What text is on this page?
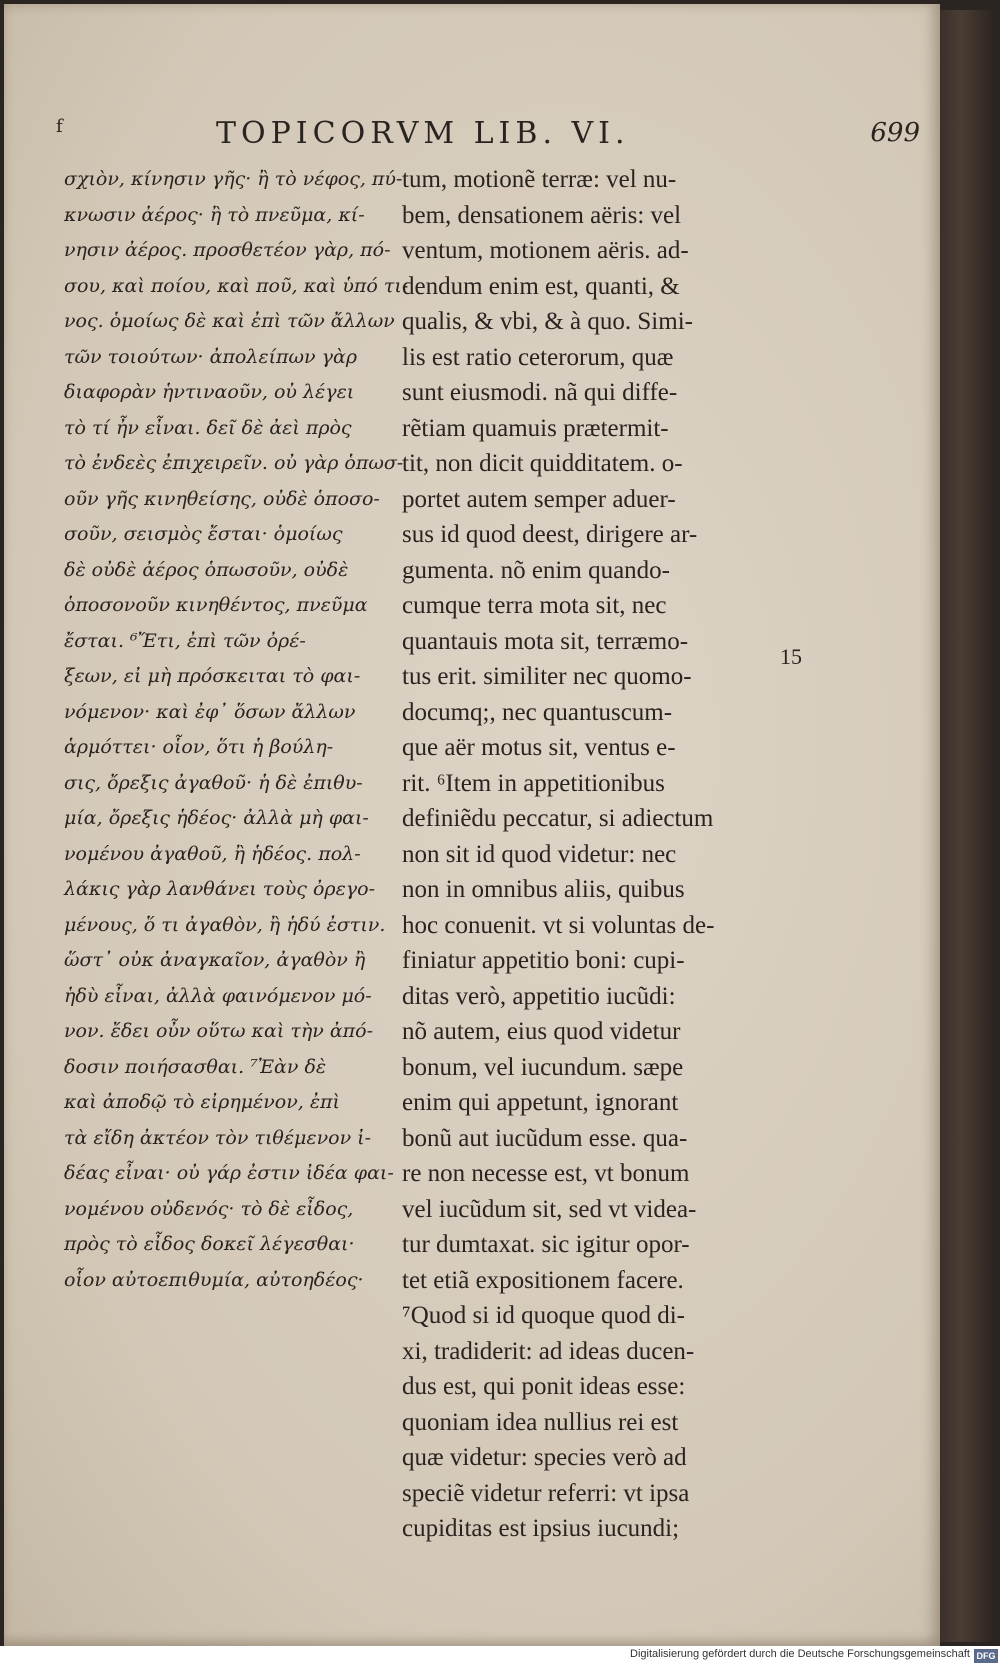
f	TOPICORVM LIB. VI.	699
σχιὸν, κίνησιν γῆς· ἢ τὸ νέφος, πύ-
κνωσιν ἀέρος· ἢ τὸ πνεῦμα, κί-
νησιν ἀέρος. προσθετέον γὰρ, πό-
σου, καὶ ποίου, καὶ ποῦ, καὶ ὑπό τι-
νος. ὁμοίως δὲ καὶ ἐπὶ τῶν ἄλλων
τῶν τοιούτων· ἀπολείπων γὰρ
διαφορὰν ἡντιναοῦν, οὐ λέγει
τὸ τί ἦν εἶναι. δεῖ δὲ ἀεὶ πρὸς
τὸ ἐνδεὲς ἐπιχειρεῖν. οὐ γὰρ ὁπωσ-
οῦν γῆς κινηθείσης, οὐδὲ ὁποσο-
σοῦν, σεισμὸς ἔσται· ὁμοίως
δὲ οὐδὲ ἀέρος ὁπωσοῦν, οὐδὲ
ὁποσονοῦν κινηθέντος, πνεῦμα
ἔσται. ⁶Ἔτι, ἐπὶ τῶν ὀρέ-
ξεων, εἰ μὴ πρόσκειται τὸ φαι-
νόμενον· καὶ ἐφ᾽ ὅσων ἄλλων
ἁρμόττει· οἷον, ὅτι ἡ βούλη-
σις, ὄρεξις ἀγαθοῦ· ἡ δὲ ἐπιθυ-
μία, ὄρεξις ἡδέος· ἀλλὰ μὴ φαι-
νομένου ἀγαθοῦ, ἢ ἡδέος. πολ-
λάκις γὰρ λανθάνει τοὺς ὀρεγο-
μένους, ὅ τι ἀγαθὸν, ἢ ἡδύ ἐστιν.
ὥστ᾽ οὐκ ἀναγκαῖον, ἀγαθὸν ἢ
ἡδὺ εἶναι, ἀλλὰ φαινόμενον μό-
νον. ἔδει οὖν οὕτω καὶ τὴν ἀπό-
δοσιν ποιήσασθαι. ⁷Ἐὰν δὲ
καὶ ἀποδῷ τὸ εἰρημένον, ἐπὶ
τὰ εἴδη ἀκτέον τὸν τιθέμενον ἰ-
δέας εἶναι· οὐ γάρ ἐστιν ἰδέα φαι-
νομένου οὐδενός· τὸ δὲ εἶδος,
πρὸς τὸ εἶδος δοκεῖ λέγεσθαι·
οἷον αὐτοεπιθυμία, αὐτοηδέος·
tum, motionẽ terræ: vel nu-
bem, densationem aëris: vel
ventum, motionem aëris. ad-
dendum enim est, quanti, &
qualis, & vbi, & à quo. Simi-
lis est ratio ceterorum, quæ
sunt eiusmodi. nã qui diffe-
rẽtiam quamuis prætermit-
tit, non dicit quidditatem. o-
portet autem semper aduer-
sus id quod deest, dirigere ar-
gumenta. nõ enim quando-
cumque terra mota sit, nec
quantauis mota sit, terræmo-
tus erit. similiter nec quomo-
documq;, nec quantuscum-
que aër motus sit, ventus e-
rit. ⁶Item in appetitionibus
definiẽdu peccatur, si adiectum
non sit id quod videtur: nec
non in omnibus aliis, quibus
hoc conuenit. vt si voluntas de-
finiatur appetitio boni: cupi-
ditas verò, appetitio iucũdi:
nõ autem, eius quod videtur
bonum, vel iucundum. sæpe
enim qui appetunt, ignorant
bonũ aut iucũdum esse. qua-
re non necesse est, vt bonum
vel iucũdum sit, sed vt videa-
tur dumtaxat. sic igitur opor-
tet etiã expositionem facere.
⁷Quod si id quoque quod di-
xi, tradiderit: ad ideas ducen-
dus est, qui ponit ideas esse:
quoniam idea nullius rei est
quæ videtur: species verò ad
speciẽ videtur referri: vt ipsa
cupiditas est ipsius iucundi;
15
Digitalisierung gefördert durch die Deutsche Forschungsgemeinschaft DFG
